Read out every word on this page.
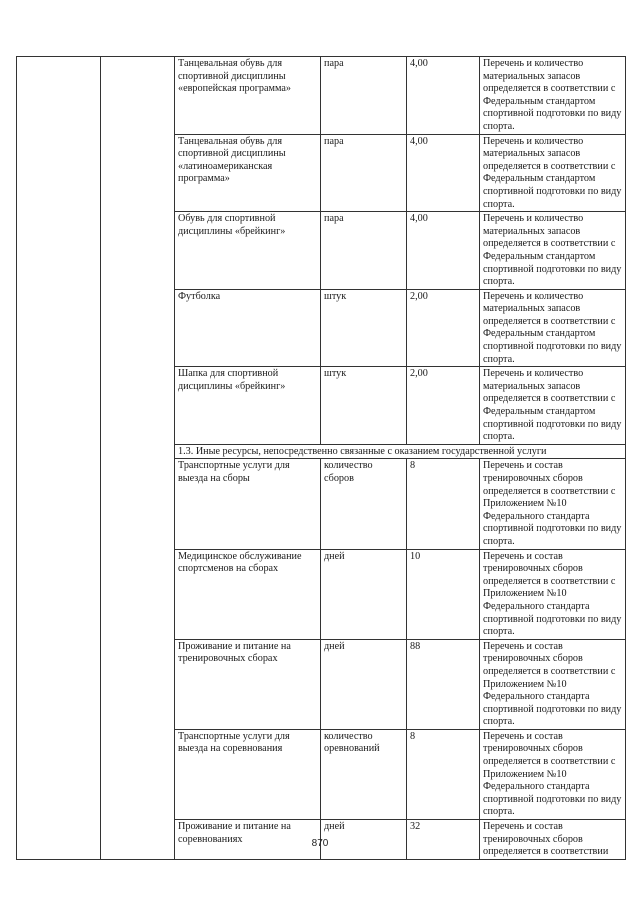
		Танцевальная обувь для спортивной дисциплины «европейская программа»	пара	4,00	Перечень и количество материальных запасов определяется в соответствии с Федеральным стандартом спортивной подготовки по виду спорта.
		Танцевальная обувь для спортивной дисциплины «латиноамериканская программа»	пара	4,00	Перечень и количество материальных запасов определяется в соответствии с Федеральным стандартом спортивной подготовки по виду спорта.
		Обувь для спортивной дисциплины «брейкинг»	пара	4,00	Перечень и количество материальных запасов определяется в соответствии с Федеральным стандартом спортивной подготовки по виду спорта.
		Футболка	штук	2,00	Перечень и количество материальных запасов определяется в соответствии с Федеральным стандартом спортивной подготовки по виду спорта.
		Шапка для спортивной дисциплины «брейкинг»	штук	2,00	Перечень и количество материальных запасов определяется в соответствии с Федеральным стандартом спортивной подготовки по виду спорта.
		1.3. Иные ресурсы, непосредственно связанные с оказанием государственной услуги			
		Транспортные услуги для выезда на сборы	количество сборов	8	Перечень и состав тренировочных сборов определяется в соответствии с Приложением №10 Федерального стандарта спортивной подготовки по виду спорта.
		Медицинское обслуживание спортсменов на сборах	дней	10	Перечень и состав тренировочных сборов определяется в соответствии с Приложением №10 Федерального стандарта спортивной подготовки по виду спорта.
		Проживание и питание на тренировочных сборах	дней	88	Перечень и состав тренировочных сборов определяется в соответствии с Приложением №10 Федерального стандарта спортивной подготовки по виду спорта.
		Транспортные услуги для выезда на соревнования	количество оревнований	8	Перечень и состав тренировочных сборов определяется в соответствии с Приложением №10 Федерального стандарта спортивной подготовки по виду спорта.
		Проживание и питание на соревнованиях	дней	32	Перечень и состав тренировочных сборов определяется в соответствии
870
